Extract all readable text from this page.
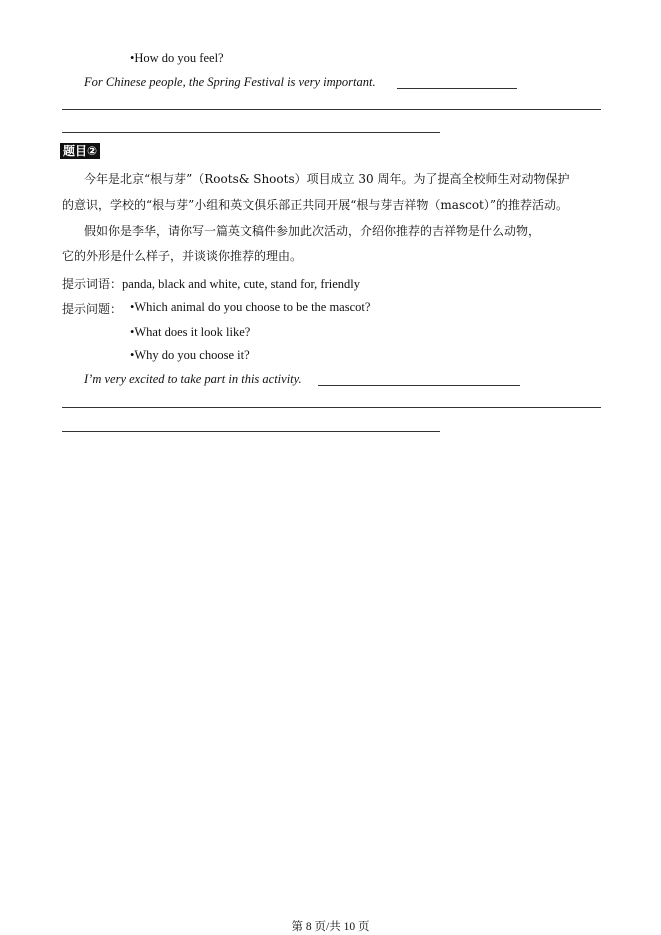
•How do you feel?
For Chinese people, the Spring Festival is very important.
题目②
今年是北京“根与芽”（Roots& Shoots）项目成立 30 周年。为了提高全校师生对动物保护
的意识，学校的“根与芽”小组和英文俱乐部正共同开展“根与芽吉祥物（mascot）”的推荐活动。
假如你是李华，请你写一篇英文稿件参加此次活动，介绍你推荐的吉祥物是什么动物，
它的外形是什么样子，并谈谈你推荐的理由。
提示词语：panda, black and white, cute, stand for, friendly
提示问题： •Which animal do you choose to be the mascot?
•What does it look like?
•Why do you choose it?
I’m very excited to take part in this activity.
第 8 页/共 10 页
